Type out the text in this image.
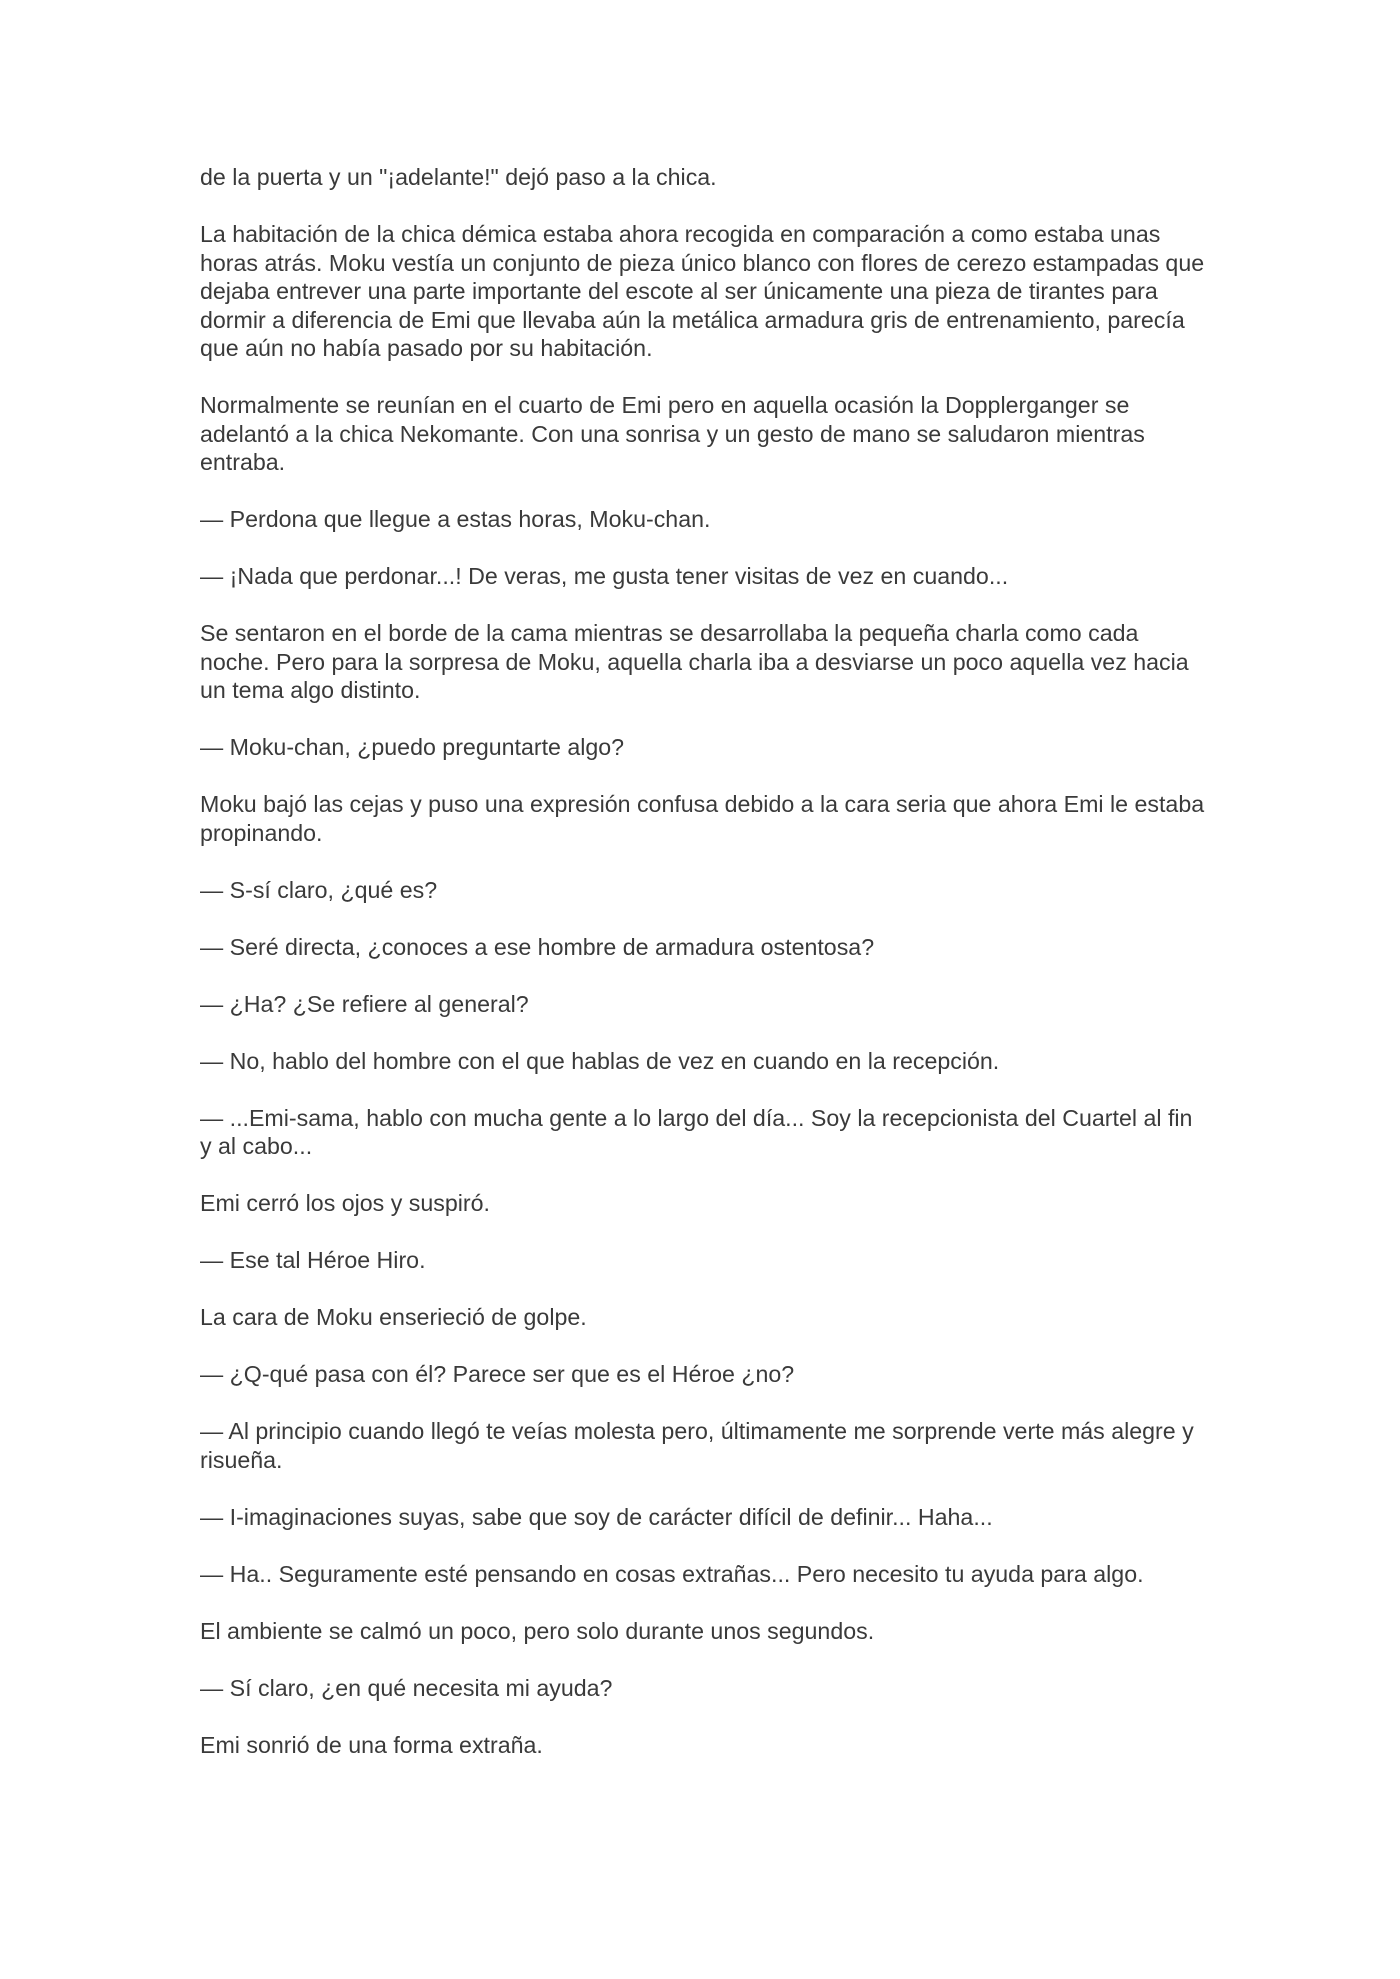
de la puerta y un "¡adelante!" dejó paso a la chica.

La habitación de la chica démica estaba ahora recogida en comparación a como estaba unas horas atrás. Moku vestía un conjunto de pieza único blanco con flores de cerezo estampadas que dejaba entrever una parte importante del escote al ser únicamente una pieza de tirantes para dormir a diferencia de Emi que llevaba aún la metálica armadura gris de entrenamiento, parecía que aún no había pasado por su habitación.

Normalmente se reunían en el cuarto de Emi pero en aquella ocasión la Dopplerganger se adelantó a la chica Nekomante. Con una sonrisa y un gesto de mano se saludaron mientras entraba.

— Perdona que llegue a estas horas, Moku-chan.

— ¡Nada que perdonar...! De veras, me gusta tener visitas de vez en cuando...

Se sentaron en el borde de la cama mientras se desarrollaba la pequeña charla como cada noche. Pero para la sorpresa de Moku, aquella charla iba a desviarse un poco aquella vez hacia un tema algo distinto.

— Moku-chan, ¿puedo preguntarte algo?

Moku bajó las cejas y puso una expresión confusa debido a la cara seria que ahora Emi le estaba propinando.

— S-sí claro, ¿qué es?

— Seré directa, ¿conoces a ese hombre de armadura ostentosa?

— ¿Ha? ¿Se refiere al general?

— No, hablo del hombre con el que hablas de vez en cuando en la recepción.

— ...Emi-sama, hablo con mucha gente a lo largo del día... Soy la recepcionista del Cuartel al fin y al cabo...

Emi cerró los ojos y suspiró.

— Ese tal Héroe Hiro.

La cara de Moku enserieció de golpe.

— ¿Q-qué pasa con él? Parece ser que es el Héroe ¿no?

— Al principio cuando llegó te veías molesta pero, últimamente me sorprende verte más alegre y risueña.

— I-imaginaciones suyas, sabe que soy de carácter difícil de definir... Haha...

— Ha.. Seguramente esté pensando en cosas extrañas... Pero necesito tu ayuda para algo.

El ambiente se calmó un poco, pero solo durante unos segundos.

— Sí claro, ¿en qué necesita mi ayuda?

Emi sonrió de una forma extraña.
